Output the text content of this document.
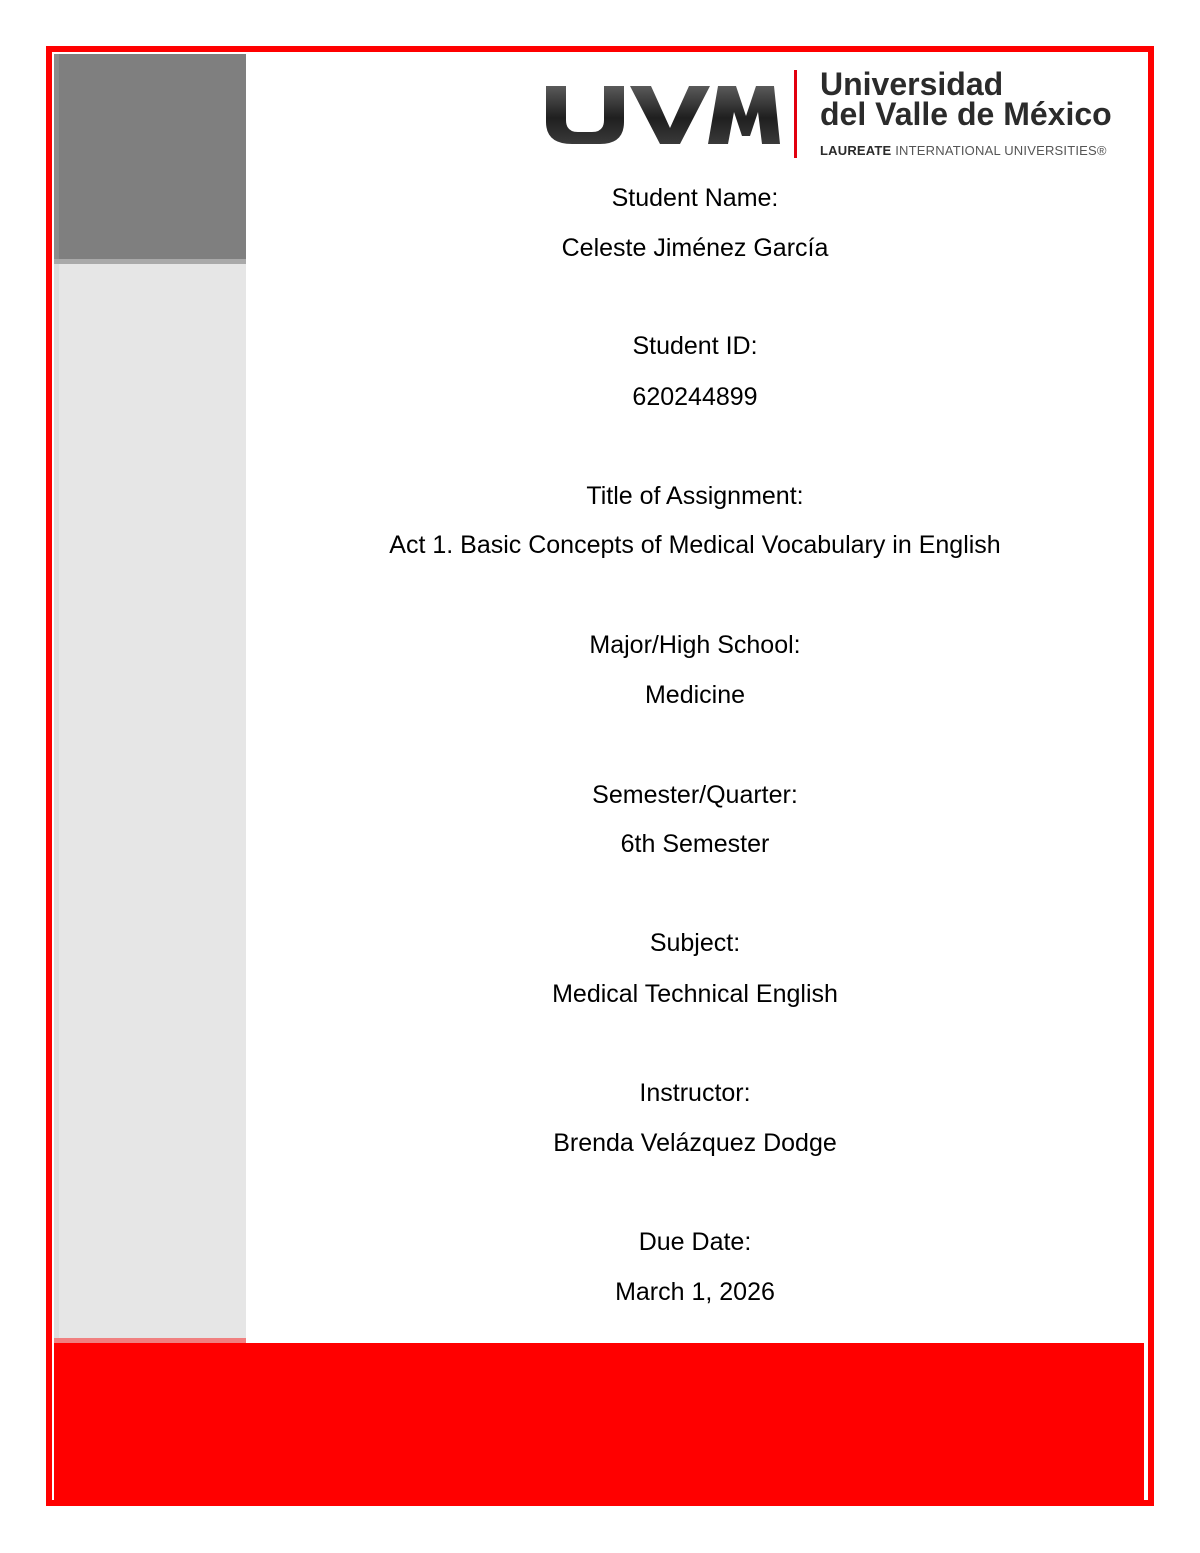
Universidad
del Valle de México
LAUREATE INTERNATIONAL UNIVERSITIES®
Student Name:
Celeste Jiménez García
Student ID:
620244899
Title of Assignment:
Act 1. Basic Concepts of Medical Vocabulary in English
Major/High School:
Medicine
Semester/Quarter:
6th Semester
Subject:
Medical Technical English
Instructor:
Brenda Velázquez Dodge
Due Date:
March 1, 2026
